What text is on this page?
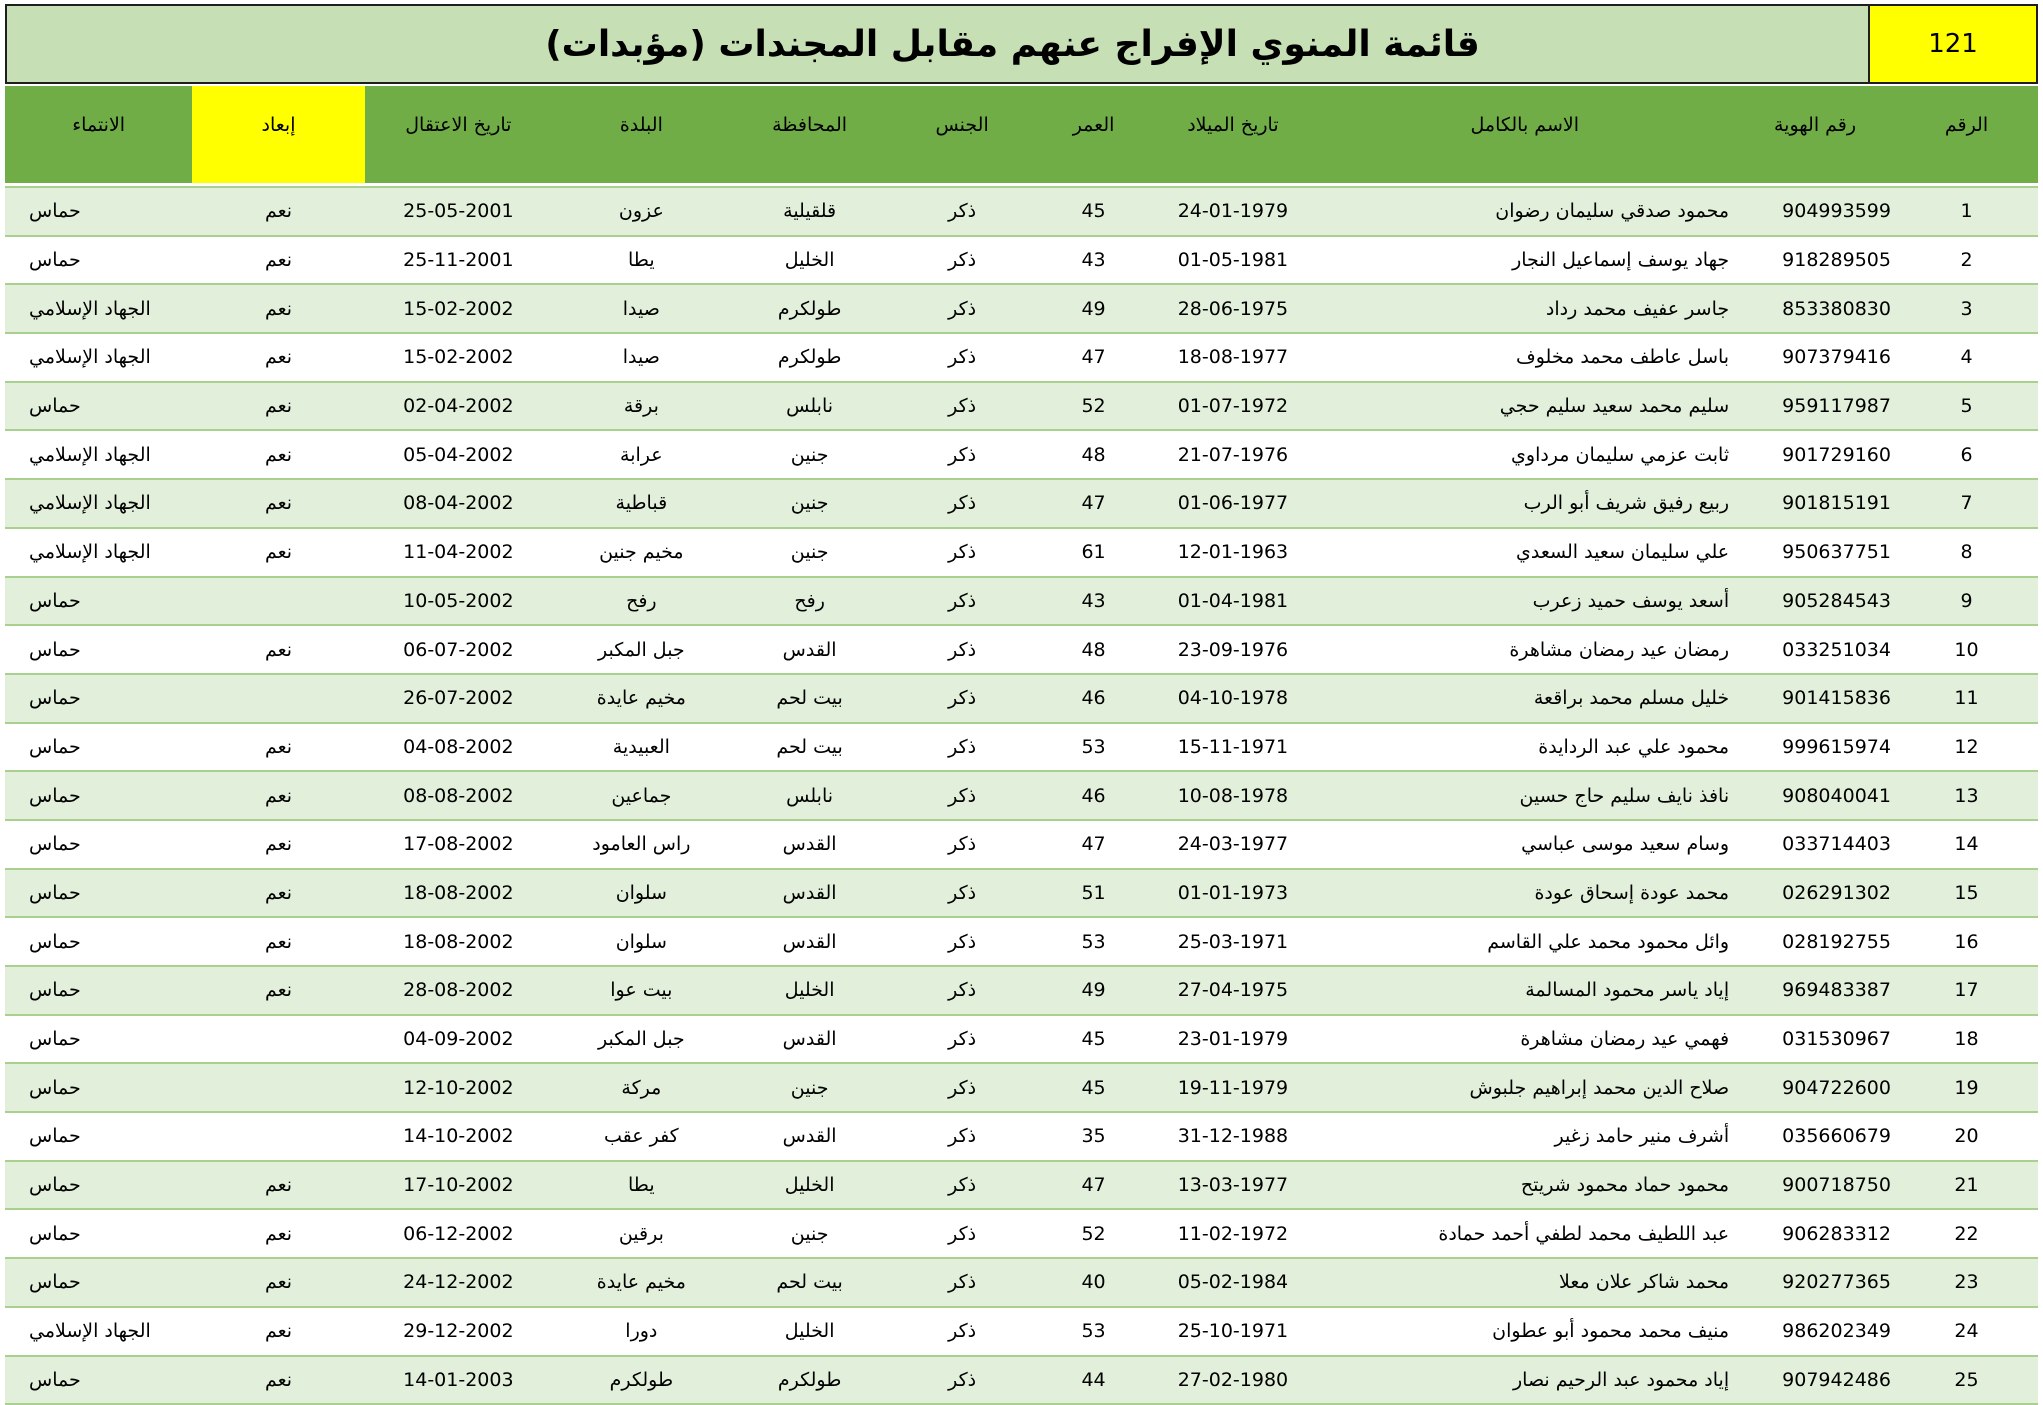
121
قائمة المنوي الإفراج عنهم مقابل المجندات (مؤبدات)
الرقم	رقم الهوية	الاسم بالكامل	تاريخ الميلاد	العمر	الجنس	المحافظة	البلدة	تاريخ الاعتقال	إبعاد	الانتماء

1	904993599	محمود صدقي سليمان رضوان	24-01-1979	45	ذكر	قلقيلية	عزون	25-05-2001	نعم	حماس
2	918289505	جهاد يوسف إسماعيل النجار	01-05-1981	43	ذكر	الخليل	يطا	25-11-2001	نعم	حماس
3	853380830	جاسر عفيف محمد رداد	28-06-1975	49	ذكر	طولكرم	صيدا	15-02-2002	نعم	الجهاد الإسلامي
4	907379416	باسل عاطف محمد مخلوف	18-08-1977	47	ذكر	طولكرم	صيدا	15-02-2002	نعم	الجهاد الإسلامي
5	959117987	سليم محمد سعيد سليم حجي	01-07-1972	52	ذكر	نابلس	برقة	02-04-2002	نعم	حماس
6	901729160	ثابت عزمي سليمان مرداوي	21-07-1976	48	ذكر	جنين	عرابة	05-04-2002	نعم	الجهاد الإسلامي
7	901815191	ربيع رفيق شريف أبو الرب	01-06-1977	47	ذكر	جنين	قباطية	08-04-2002	نعم	الجهاد الإسلامي
8	950637751	علي سليمان سعيد السعدي	12-01-1963	61	ذكر	جنين	مخيم جنين	11-04-2002	نعم	الجهاد الإسلامي
9	905284543	أسعد يوسف حميد زعرب	01-04-1981	43	ذكر	رفح	رفح	10-05-2002		حماس
10	033251034	رمضان عيد رمضان مشاهرة	23-09-1976	48	ذكر	القدس	جبل المكبر	06-07-2002	نعم	حماس
11	901415836	خليل مسلم محمد براقعة	04-10-1978	46	ذكر	بيت لحم	مخيم عايدة	26-07-2002		حماس
12	999615974	محمود علي عبد الردايدة	15-11-1971	53	ذكر	بيت لحم	العبيدية	04-08-2002	نعم	حماس
13	908040041	نافذ نايف سليم حاج حسين	10-08-1978	46	ذكر	نابلس	جماعين	08-08-2002	نعم	حماس
14	033714403	وسام سعيد موسى عباسي	24-03-1977	47	ذكر	القدس	راس العامود	17-08-2002	نعم	حماس
15	026291302	محمد عودة إسحاق عودة	01-01-1973	51	ذكر	القدس	سلوان	18-08-2002	نعم	حماس
16	028192755	وائل محمود محمد علي القاسم	25-03-1971	53	ذكر	القدس	سلوان	18-08-2002	نعم	حماس
17	969483387	إياد ياسر محمود المسالمة	27-04-1975	49	ذكر	الخليل	بيت عوا	28-08-2002	نعم	حماس
18	031530967	فهمي عيد رمضان مشاهرة	23-01-1979	45	ذكر	القدس	جبل المكبر	04-09-2002		حماس
19	904722600	صلاح الدين محمد إبراهيم جلبوش	19-11-1979	45	ذكر	جنين	مركة	12-10-2002		حماس
20	035660679	أشرف منير حامد زغير	31-12-1988	35	ذكر	القدس	كفر عقب	14-10-2002		حماس
21	900718750	محمود حماد محمود شريتح	13-03-1977	47	ذكر	الخليل	يطا	17-10-2002	نعم	حماس
22	906283312	عبد اللطيف محمد لطفي أحمد حمادة	11-02-1972	52	ذكر	جنين	برقين	06-12-2002	نعم	حماس
23	920277365	محمد شاكر علان معلا	05-02-1984	40	ذكر	بيت لحم	مخيم عايدة	24-12-2002	نعم	حماس
24	986202349	منيف محمد محمود أبو عطوان	25-10-1971	53	ذكر	الخليل	دورا	29-12-2002	نعم	الجهاد الإسلامي
25	907942486	إياد محمود عبد الرحيم نصار	27-02-1980	44	ذكر	طولكرم	طولكرم	14-01-2003	نعم	حماس
